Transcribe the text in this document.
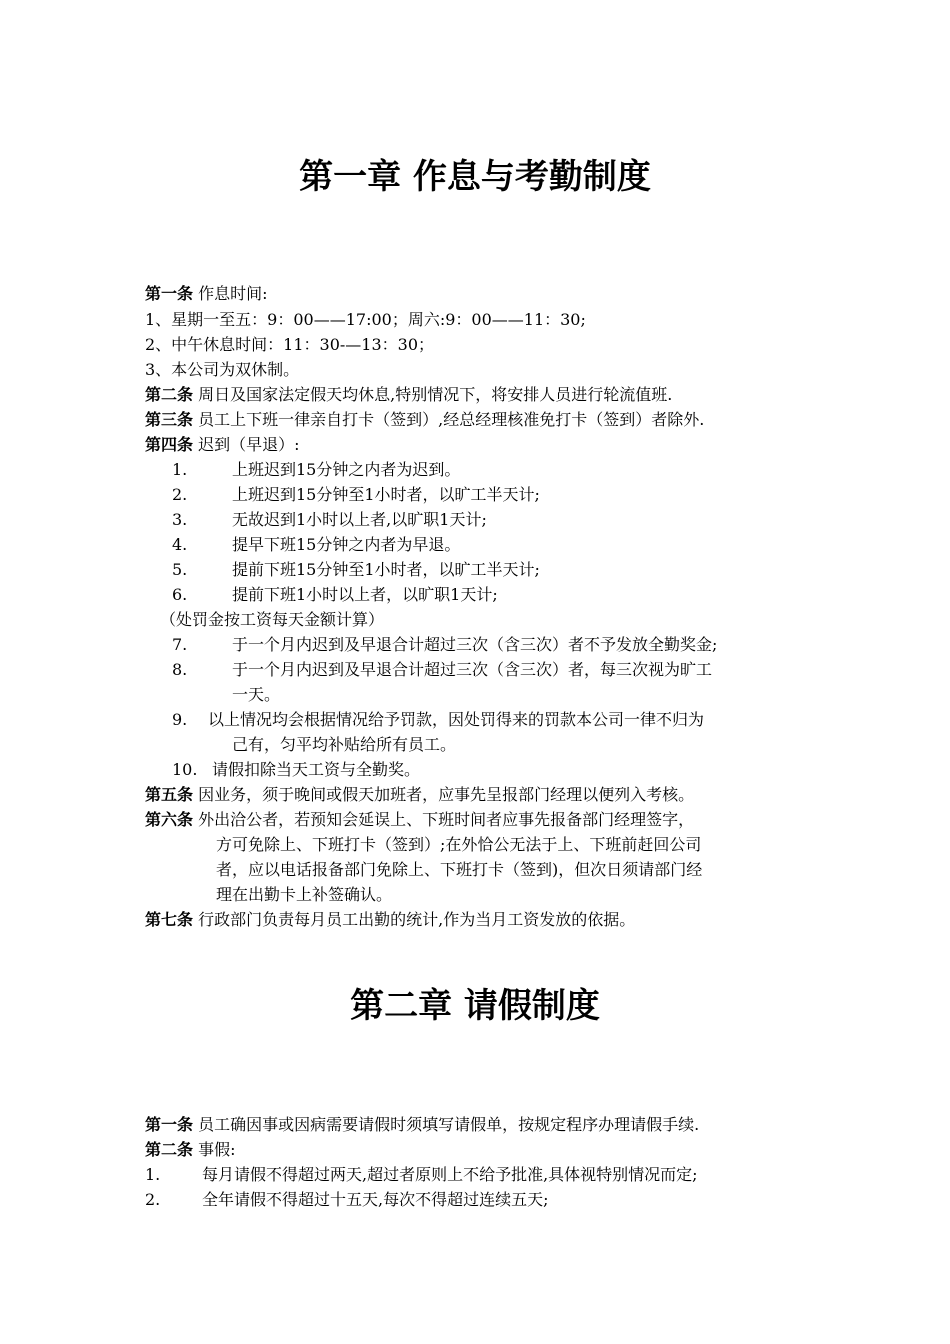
第一章 作息与考勤制度
第一条 作息时间:
1、星期一至五：9：00——17:00；周六:9：00——11：30;
2、中午休息时间：11：30-—13：30；
3、本公司为双休制。
第二条 周日及国家法定假天均休息,特别情况下，将安排人员进行轮流值班.
第三条 员工上下班一律亲自打卡（签到）,经总经理核准免打卡（签到）者除外.
第四条 迟到（早退）:
1.	上班迟到15分钟之内者为迟到。
2.	上班迟到15分钟至1小时者，以旷工半天计;
3.	无故迟到1小时以上者,以旷职1天计;
4.	提早下班15分钟之内者为早退。
5.	提前下班15分钟至1小时者，以旷工半天计;
6.	提前下班1小时以上者，以旷职1天计;
（处罚金按工资每天金额计算）
7.	于一个月内迟到及早退合计超过三次（含三次）者不予发放全勤奖金;
8.	于一个月内迟到及早退合计超过三次（含三次）者，每三次视为旷工
一天。
9. 以上情况均会根据情况给予罚款，因处罚得来的罚款本公司一律不归为
己有，匀平均补贴给所有员工。
10. 请假扣除当天工资与全勤奖。
第五条 因业务，须于晚间或假天加班者，应事先呈报部门经理以便列入考核。
第六条 外出洽公者，若预知会延误上、下班时间者应事先报备部门经理签字，
方可免除上、下班打卡（签到）;在外恰公无法于上、下班前赶回公司
者，应以电话报备部门免除上、下班打卡（签到)，但次日须请部门经
理在出勤卡上补签确认。
第七条 行政部门负责每月员工出勤的统计,作为当月工资发放的依据。
第二章 请假制度
第一条 员工确因事或因病需要请假时须填写请假单，按规定程序办理请假手续.
第二条 事假:
1.	每月请假不得超过两天,超过者原则上不给予批准,具体视特别情况而定;
2.	全年请假不得超过十五天,每次不得超过连续五天;
